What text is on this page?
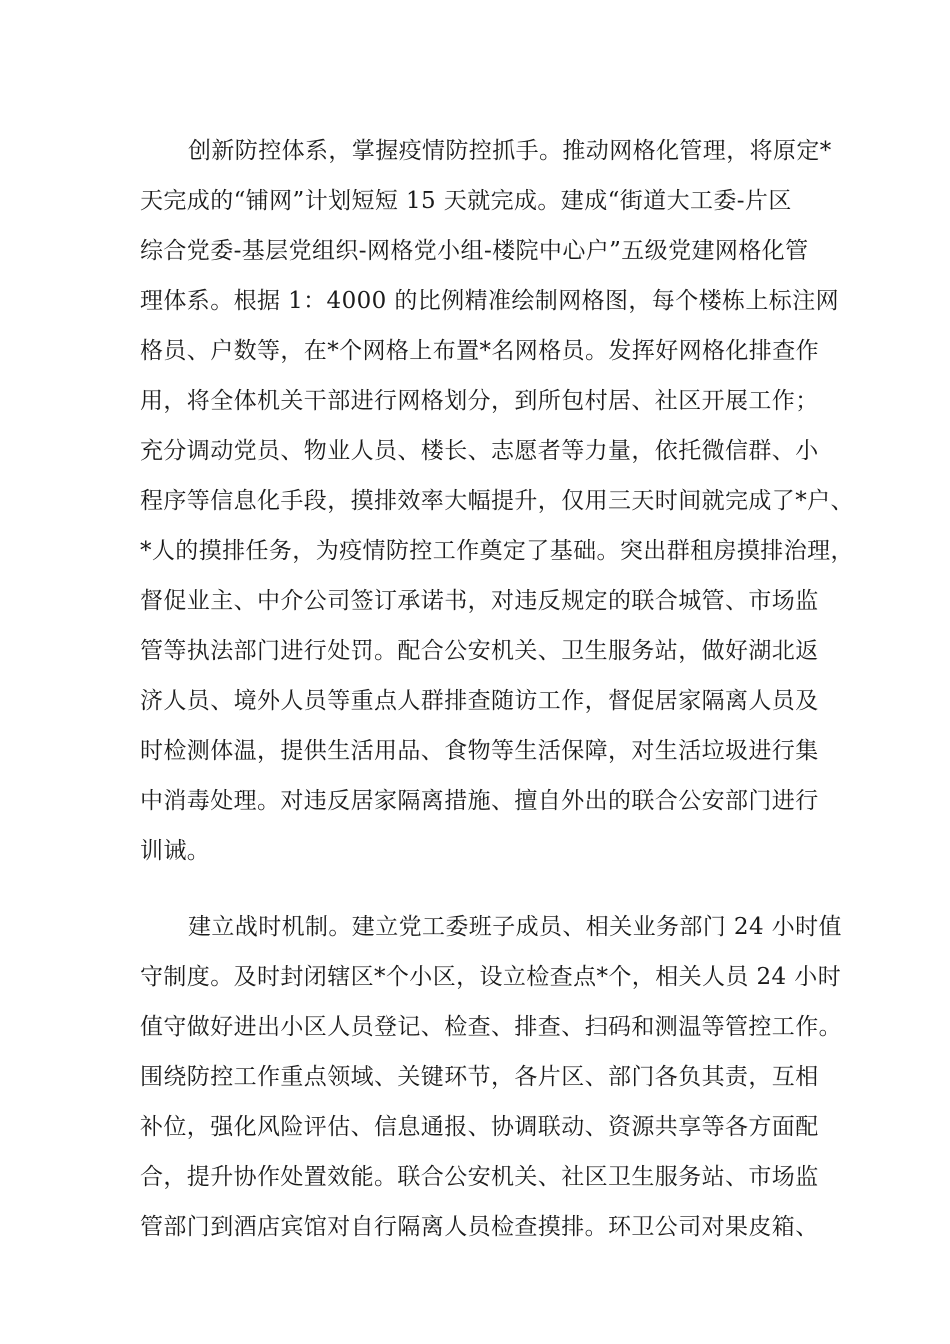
创新防控体系，掌握疫情防控抓手。推动网格化管理，将原定*
天完成的“铺网”计划短短 15 天就完成。建成“街道大工委-片区
综合党委-基层党组织-网格党小组-楼院中心户”五级党建网格化管
理体系。根据 1：4000 的比例精准绘制网格图，每个楼栋上标注网
格员、户数等，在*个网格上布置*名网格员。发挥好网格化排查作
用，将全体机关干部进行网格划分，到所包村居、社区开展工作；
充分调动党员、物业人员、楼长、志愿者等力量，依托微信群、小
程序等信息化手段，摸排效率大幅提升，仅用三天时间就完成了*户、
*人的摸排任务，为疫情防控工作奠定了基础。突出群租房摸排治理，
督促业主、中介公司签订承诺书，对违反规定的联合城管、市场监
管等执法部门进行处罚。配合公安机关、卫生服务站，做好湖北返
济人员、境外人员等重点人群排查随访工作，督促居家隔离人员及
时检测体温，提供生活用品、食物等生活保障，对生活垃圾进行集
中消毒处理。对违反居家隔离措施、擅自外出的联合公安部门进行
训诫。
建立战时机制。建立党工委班子成员、相关业务部门 24 小时值
守制度。及时封闭辖区*个小区，设立检查点*个，相关人员 24 小时
值守做好进出小区人员登记、检查、排查、扫码和测温等管控工作。
围绕防控工作重点领域、关键环节，各片区、部门各负其责，互相
补位，强化风险评估、信息通报、协调联动、资源共享等各方面配
合，提升协作处置效能。联合公安机关、社区卫生服务站、市场监
管部门到酒店宾馆对自行隔离人员检查摸排。环卫公司对果皮箱、
